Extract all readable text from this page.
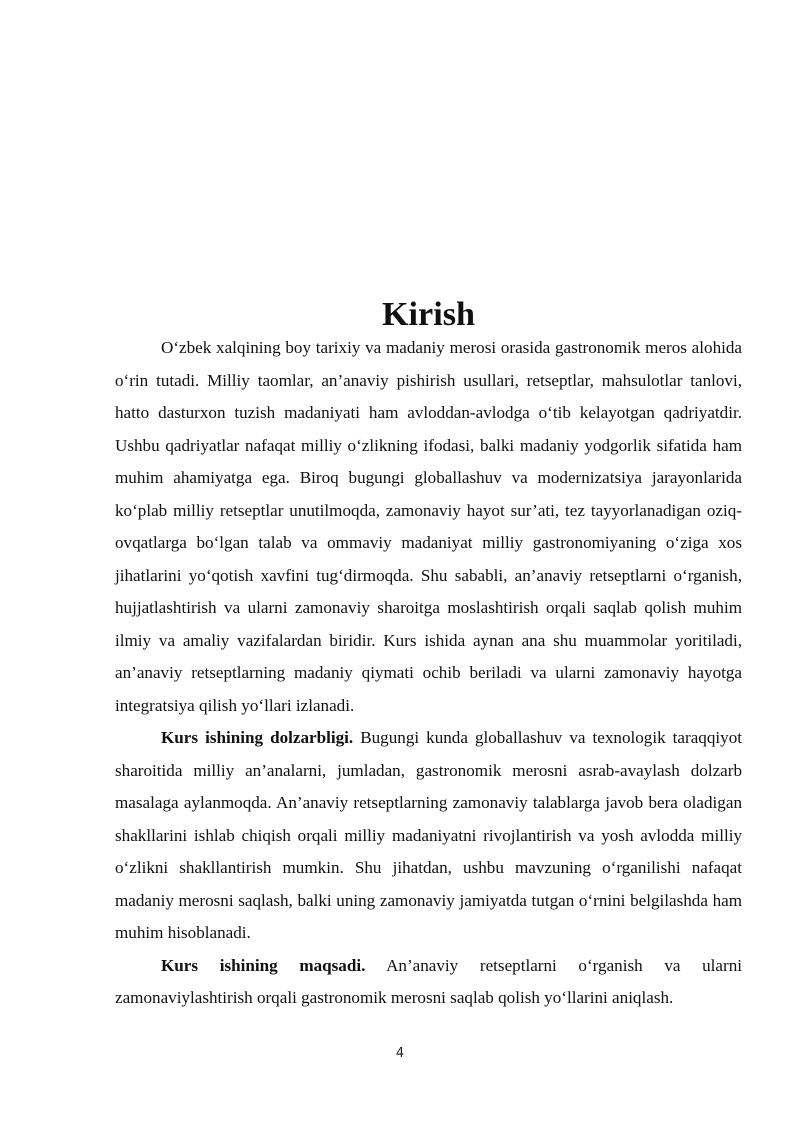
Kirish

O‘zbek xalqining boy tarixiy va madaniy merosi orasida gastronomik meros alohida o‘rin tutadi. Milliy taomlar, an’anaviy pishirish usullari, retseptlar, mahsulotlar tanlovi, hatto dasturxon tuzish madaniyati ham avloddan-avlodga o‘tib kelayotgan qadriyatdir. Ushbu qadriyatlar nafaqat milliy o‘zlikning ifodasi, balki madaniy yodgorlik sifatida ham muhim ahamiyatga ega. Biroq bugungi globallashuv va modernizatsiya jarayonlarida ko‘plab milliy retseptlar unutilmoqda, zamonaviy hayot sur’ati, tez tayyorlanadigan oziq-ovqatlarga bo‘lgan talab va ommaviy madaniyat milliy gastronomiyaning o‘ziga xos jihatlarini yo‘qotish xavfini tug‘dirmoqda. Shu sababli, an’anaviy retseptlarni o‘rganish, hujjatlashtirish va ularni zamonaviy sharoitga moslashtirish orqali saqlab qolish muhim ilmiy va amaliy vazifalardan biridir. Kurs ishida aynan ana shu muammolar yoritiladi, an’anaviy retseptlarning madaniy qiymati ochib beriladi va ularni zamonaviy hayotga integratsiya qilish yo‘llari izlanadi.

Kurs ishining dolzarbligi. Bugungi kunda globallashuv va texnologik taraqqiyot sharoitida milliy an’analarni, jumladan, gastronomik merosni asrab-avaylash dolzarb masalaga aylanmoqda. An’anaviy retseptlarning zamonaviy talablarga javob bera oladigan shakllarini ishlab chiqish orqali milliy madaniyatni rivojlantirish va yosh avlodda milliy o‘zlikni shakllantirish mumkin. Shu jihatdan, ushbu mavzuning o‘rganilishi nafaqat madaniy merosni saqlash, balki uning zamonaviy jamiyatda tutgan o‘rnini belgilashda ham muhim hisoblanadi.

Kurs ishining maqsadi. An’anaviy retseptlarni o‘rganish va ularni zamonaviylashtirish orqali gastronomik merosni saqlab qolish yo‘llarini aniqlash.

4
